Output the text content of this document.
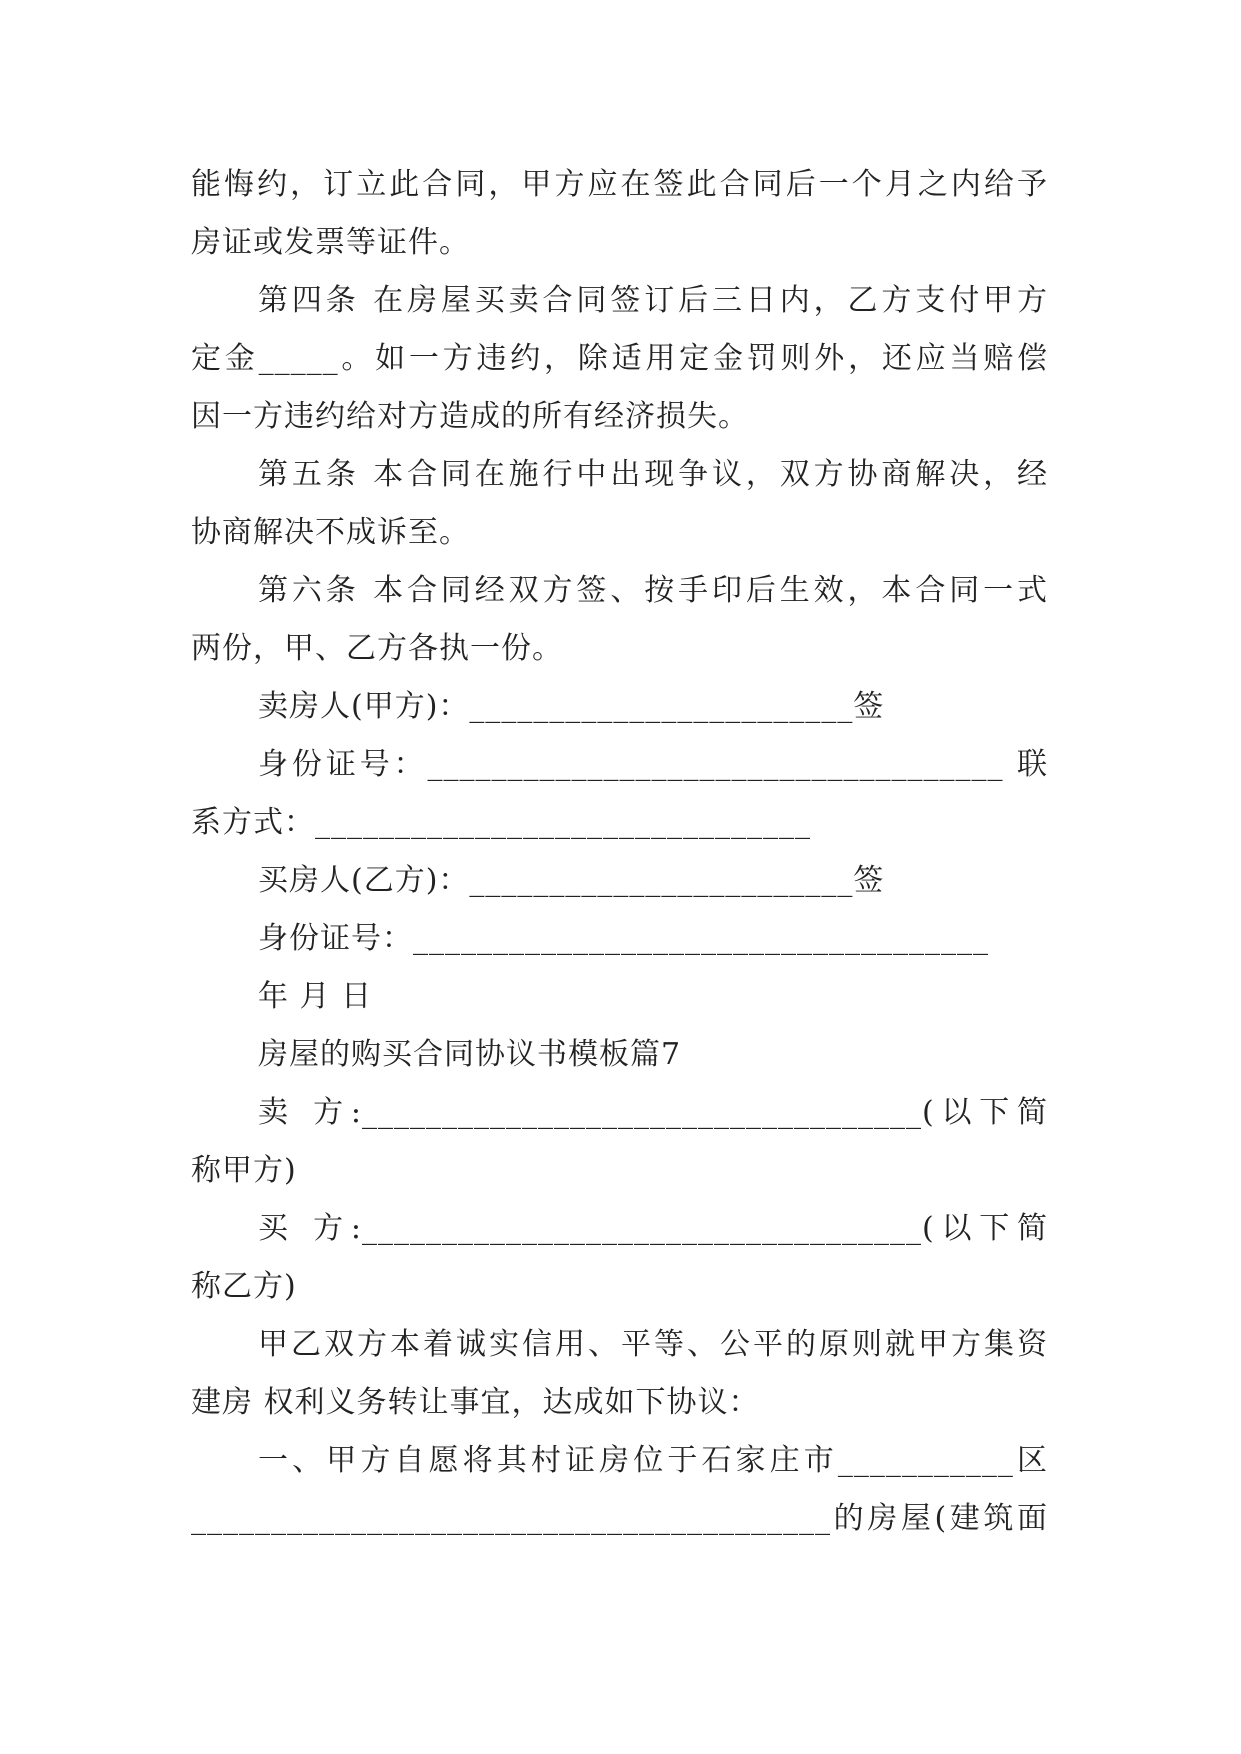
能悔约，订立此合同，甲方应在签此合同后一个月之内给予
房证或发票等证件。
第四条 在房屋买卖合同签订后三日内，乙方支付甲方
定金_____。如一方违约，除适用定金罚则外，还应当赔偿
因一方违约给对方造成的所有经济损失。
第五条 本合同在施行中出现争议，双方协商解决，经
协商解决不成诉至。
第六条 本合同经双方签、按手印后生效，本合同一式
两份，甲、乙方各执一份。
卖房人(甲方)：________________________签
身份证号：____________________________________ 联
系方式：_______________________________
买房人(乙方)：________________________签
身份证号：____________________________________
年 月 日
房屋的购买合同协议书模板篇7
卖 方:___________________________________(以下简
称甲方)
买 方:___________________________________(以下简
称乙方)
甲乙双方本着诚实信用、平等、公平的原则就甲方集资
建房 权利义务转让事宜，达成如下协议：
一、甲方自愿将其村证房位于石家庄市___________区
________________________________________的房屋(建筑面
